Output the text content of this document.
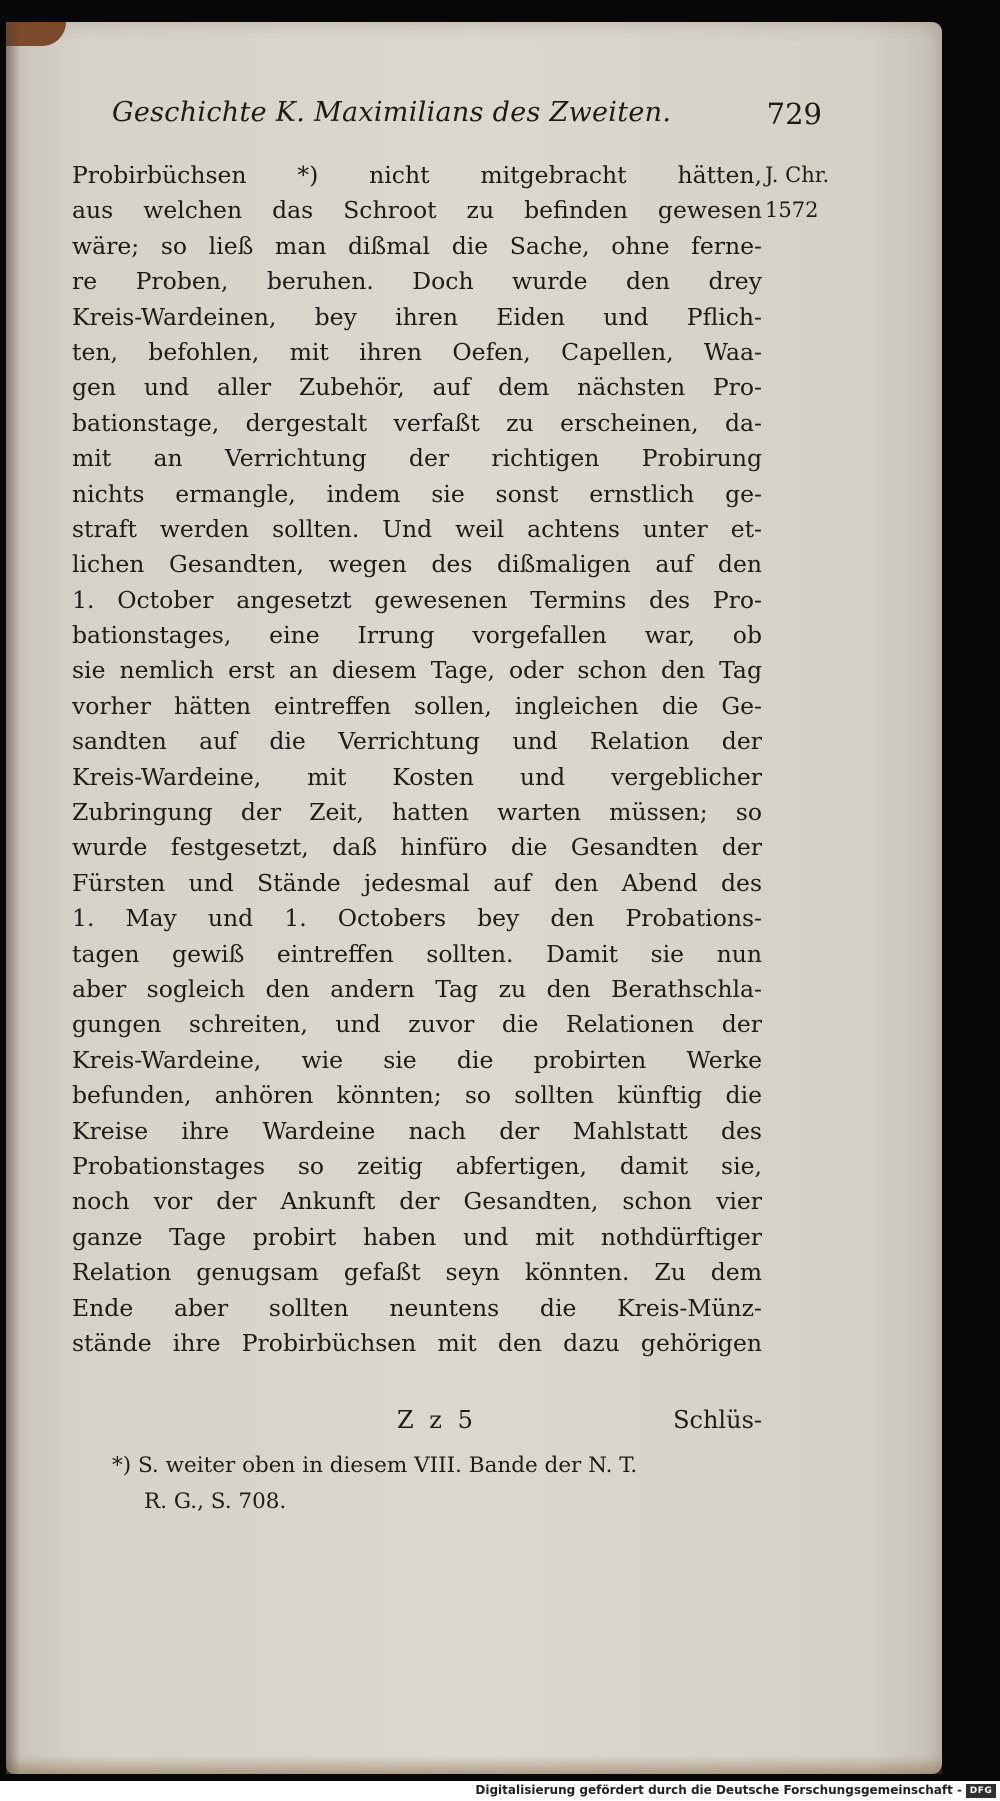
Geschichte K. Maximilians des Zweiten.	729
J. Chr.
1572
Probirbüchsen *) nicht mitgebracht hätten,
aus welchen das Schroot zu befinden gewesen
wäre; so ließ man dißmal die Sache, ohne ferne-
re Proben, beruhen. Doch wurde den drey
Kreis-Wardeinen, bey ihren Eiden und Pflich-
ten, befohlen, mit ihren Oefen, Capellen, Waa-
gen und aller Zubehör, auf dem nächsten Pro-
bationstage, dergestalt verfaßt zu erscheinen, da-
mit an Verrichtung der richtigen Probirung
nichts ermangle, indem sie sonst ernstlich ge-
straft werden sollten. Und weil achtens unter et-
lichen Gesandten, wegen des dißmaligen auf den
1. October angesetzt gewesenen Termins des Pro-
bationstages, eine Irrung vorgefallen war, ob
sie nemlich erst an diesem Tage, oder schon den Tag
vorher hätten eintreffen sollen, ingleichen die Ge-
sandten auf die Verrichtung und Relation der
Kreis-Wardeine, mit Kosten und vergeblicher
Zubringung der Zeit, hatten warten müssen; so
wurde festgesetzt, daß hinfüro die Gesandten der
Fürsten und Stände jedesmal auf den Abend des
1. May und 1. Octobers bey den Probations-
tagen gewiß eintreffen sollten. Damit sie nun
aber sogleich den andern Tag zu den Berathschla-
gungen schreiten, und zuvor die Relationen der
Kreis-Wardeine, wie sie die probirten Werke
befunden, anhören könnten; so sollten künftig die
Kreise ihre Wardeine nach der Mahlstatt des
Probationstages so zeitig abfertigen, damit sie,
noch vor der Ankunft der Gesandten, schon vier
ganze Tage probirt haben und mit nothdürftiger
Relation genugsam gefaßt seyn könnten. Zu dem
Ende aber sollten neuntens die Kreis-Münz-
stände ihre Probirbüchsen mit den dazu gehörigen
Z z 5	Schlüs-
*) S. weiter oben in diesem VIII. Bande der N. T.
R. G., S. 708.
Digitalisierung gefördert durch die Deutsche Forschungsgemeinschaft - DFG
